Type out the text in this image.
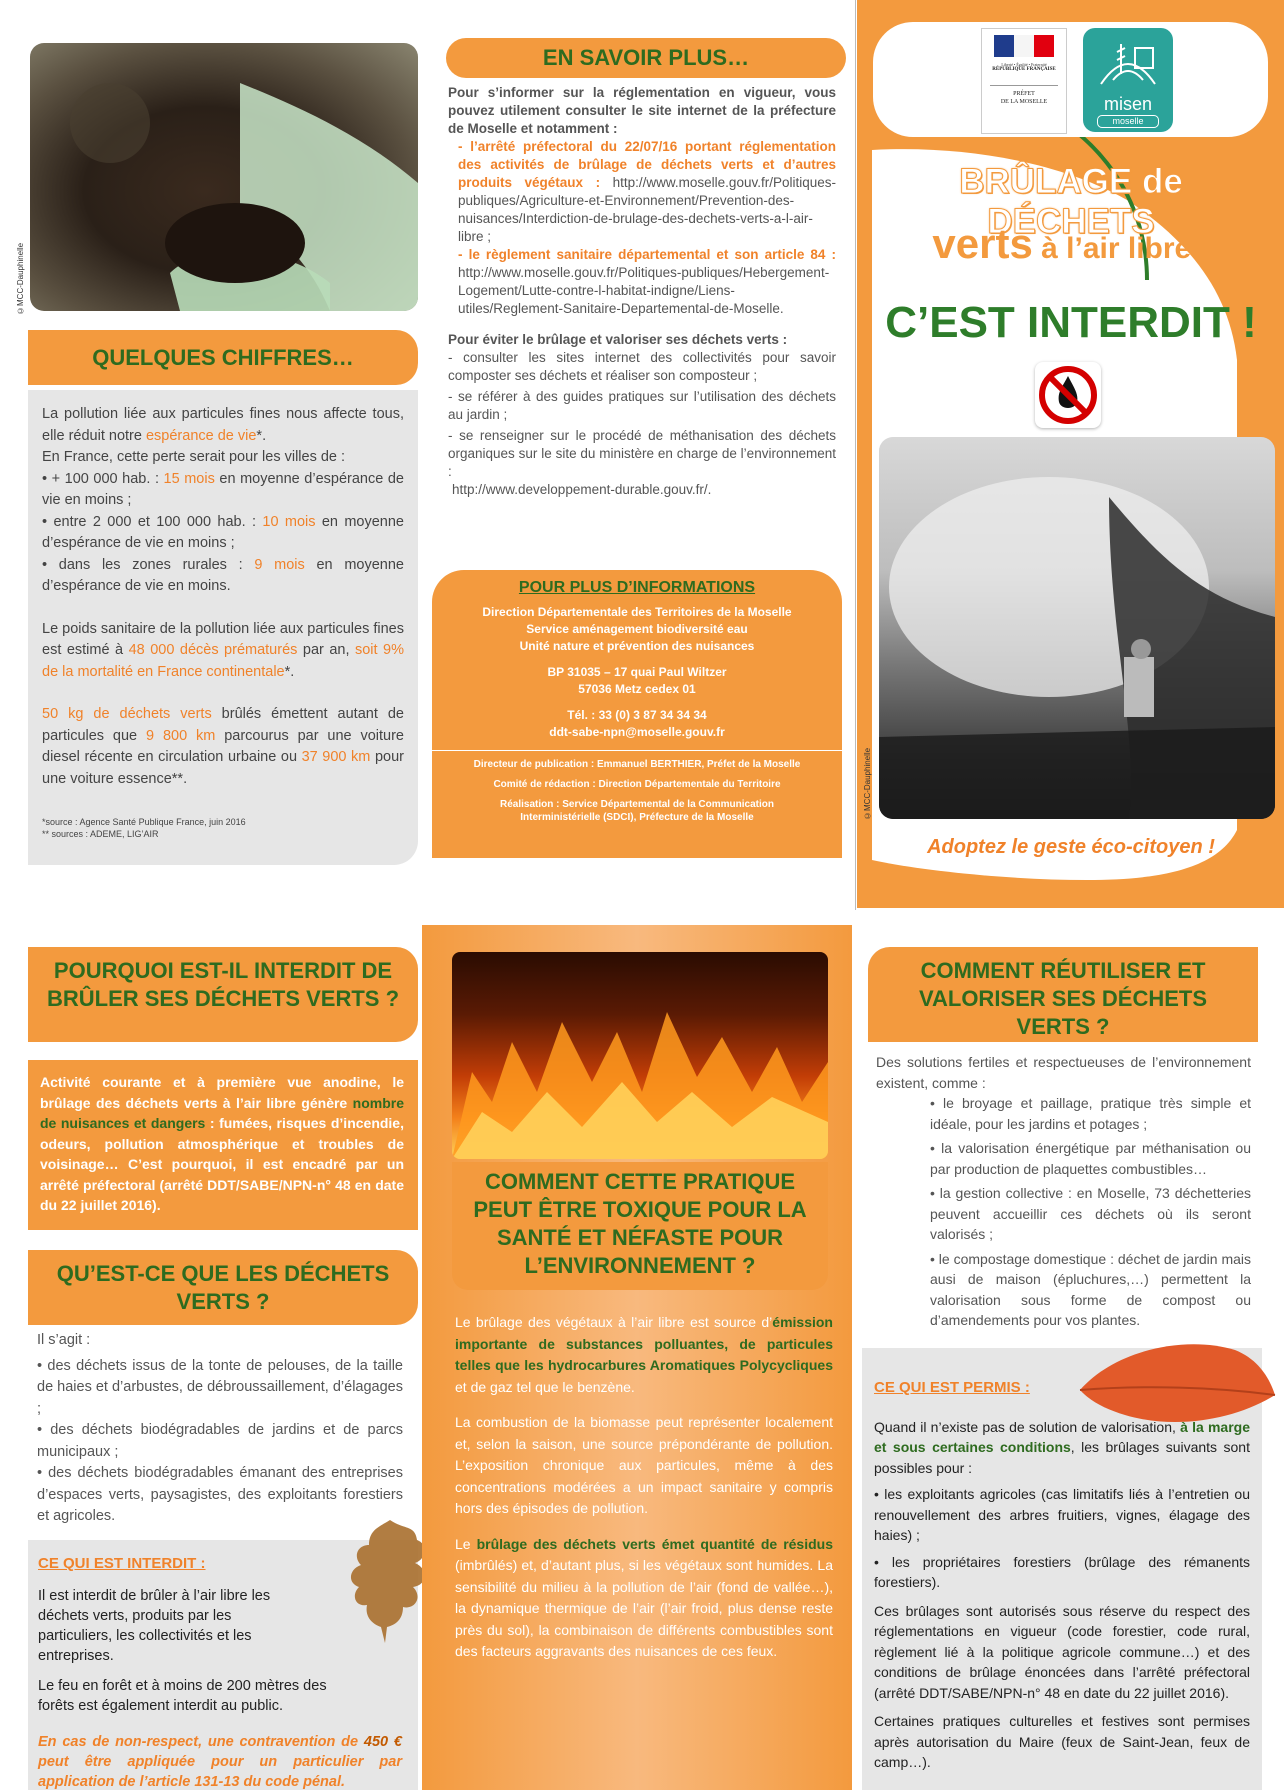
©MCC-Dauphinelle
QUELQUES CHIFFRES…

La pollution liée aux particules fines nous affecte tous, elle réduit notre espérance de vie*.

En France, cette perte serait pour les villes de :

• + 100 000 hab. : 15 mois en moyenne d’espérance de vie en moins ;

• entre 2 000 et 100 000 hab. : 10 mois en moyenne d’espérance de vie en moins ;

• dans les zones rurales : 9 mois en moyenne d’espérance de vie en moins.

Le poids sanitaire de la pollution liée aux particules fines est estimé à 48 000 décès prématurés par an, soit 9% de la mortalité en France continentale*.

50 kg de déchets verts brûlés émettent autant de particules que 9 800 km parcourus par une voiture diesel récente en circulation urbaine ou 37 900 km pour une voiture essence**.

*source : Agence Santé Publique France, juin 2016

** sources : ADEME, LIG’AIR

EN SAVOIR PLUS…

Pour s’informer sur la réglementation en vigueur, vous pouvez utilement consulter le site internet de la préfecture de Moselle et notamment :

- l’arrêté préfectoral du 22/07/16 portant réglementation des activités de brûlage de déchets verts et d’autres produits végétaux : http://www.moselle.gouv.fr/Politiques-publiques/Agriculture-et-Environnement/Prevention-des-nuisances/Interdiction-de-brulage-des-dechets-verts-a-l-air-libre ;

- le règlement sanitaire départemental et son article 84 : http://www.moselle.gouv.fr/Politiques-publiques/Hebergement-Logement/Lutte-contre-l-habitat-indigne/Liens-utiles/Reglement-Sanitaire-Departemental-de-Moselle.

Pour éviter le brûlage et valoriser ses déchets verts :

- consulter les sites internet des collectivités pour savoir composter ses déchets et réaliser son composteur ;

- se référer à des guides pratiques sur l’utilisation des déchets au jardin ;

- se renseigner sur le procédé de méthanisation des déchets organiques sur le site du ministère en charge de l’environnement :

http://www.developpement-durable.gouv.fr/.

POUR PLUS D’INFORMATIONS
Direction Départementale des Territoires de la Moselle
Service aménagement biodiversité eau
Unité nature et prévention des nuisances
BP 31035 – 17 quai Paul Wiltzer
57036 Metz cedex 01
Tél. : 33 (0) 3 87 34 34 34
ddt-sabe-npn@moselle.gouv.fr
Directeur de publication : Emmanuel BERTHIER, Préfet de la Moselle
Comité de rédaction : Direction Départementale du Territoire
Réalisation : Service Départemental de la Communication Interministérielle (SDCI), Préfecture de la Moselle
Liberté • Égalité • Fraternité
RÉPUBLIQUE FRANÇAISE
PRÉFET
DE LA MOSELLE	misen
moselle
BRÛLAGE de DÉCHETS
verts à l’air libre :
C’EST INTERDIT !
©MCC-Dauphinelle
Adoptez le geste éco-citoyen !
POURQUOI EST-IL INTERDIT DE BRÛLER SES DÉCHETS VERTS ?

Activité courante et à première vue anodine, le brûlage des déchets verts à l’air libre génère nombre de nuisances et dangers : fumées, risques d’incendie, odeurs, pollution atmosphérique et troubles de voisinage… C’est pourquoi, il est encadré par un arrêté préfectoral (arrêté DDT/SABE/NPN-n° 48 en date du 22 juillet 2016).

QU’EST-CE QUE LES DÉCHETS VERTS ?

Il s’agit :

• des déchets issus de la tonte de pelouses, de la taille de haies et d’arbustes, de débroussaillement, d’élagages ;

• des déchets biodégradables de jardins et de parcs municipaux ;

• des déchets biodégradables émanant des entreprises d’espaces verts, paysagistes, des exploitants forestiers et agricoles.

CE QUI EST INTERDIT :

Il est interdit de brûler à l’air libre les déchets verts, produits par les particuliers, les collectivités et les entreprises.

Le feu en forêt et à moins de 200 mètres des forêts est également interdit au public.

En cas de non-respect, une contravention de 450 € peut être appliquée pour un particulier par application de l’article 131-13 du code pénal.

COMMENT CETTE PRATIQUE PEUT ÊTRE TOXIQUE POUR LA SANTÉ ET NÉFASTE POUR L’ENVIRONNEMENT ?

Le brûlage des végétaux à l’air libre est source d’émission importante de substances polluantes, de particules telles que les hydrocarbures Aromatiques Polycycliques et de gaz tel que le benzène.

La combustion de la biomasse peut représenter localement et, selon la saison, une source prépondérante de pollution. L’exposition chronique aux particules, même à des concentrations modérées a un impact sanitaire y compris hors des épisodes de pollution.

Le brûlage des déchets verts émet quantité de résidus (imbrûlés) et, d’autant plus, si les végétaux sont humides. La sensibilité du milieu à la pollution de l’air (fond de vallée…), la dynamique thermique de l’air (l’air froid, plus dense reste près du sol), la combinaison de différents combustibles sont des facteurs aggravants des nuisances de ces feux.

COMMENT RÉUTILISER ET VALORISER SES DÉCHETS VERTS ?

Des solutions fertiles et respectueuses de l’environnement existent, comme :

• le broyage et paillage, pratique très simple et idéale, pour les jardins et potages ;

• la valorisation énergétique par méthanisation ou par production de plaquettes combustibles…

• la gestion collective : en Moselle, 73 déchetteries peuvent accueillir ces déchets où ils seront valorisés ;

• le compostage domestique : déchet de jardin mais ausi de maison (épluchures,…) permettent la valorisation sous forme de compost ou d’amendements pour vos plantes.

CE QUI EST PERMIS :

Quand il n’existe pas de solution de valorisation, à la marge et sous certaines conditions, les brûlages suivants sont possibles pour :

• les exploitants agricoles (cas limitatifs liés à l’entretien ou renouvellement des arbres fruitiers, vignes, élagage des haies) ;

• les propriétaires forestiers (brûlage des rémanents forestiers).

Ces brûlages sont autorisés sous réserve du respect des réglementations en vigueur (code forestier, code rural, règlement lié à la politique agricole commune…) et des conditions de brûlage énoncées dans l’arrêté préfectoral (arrêté DDT/SABE/NPN-n° 48 en date du 22 juillet 2016).

Certaines pratiques culturelles et festives sont permises après autorisation du Maire (feux de Saint-Jean, feux de camp…).
